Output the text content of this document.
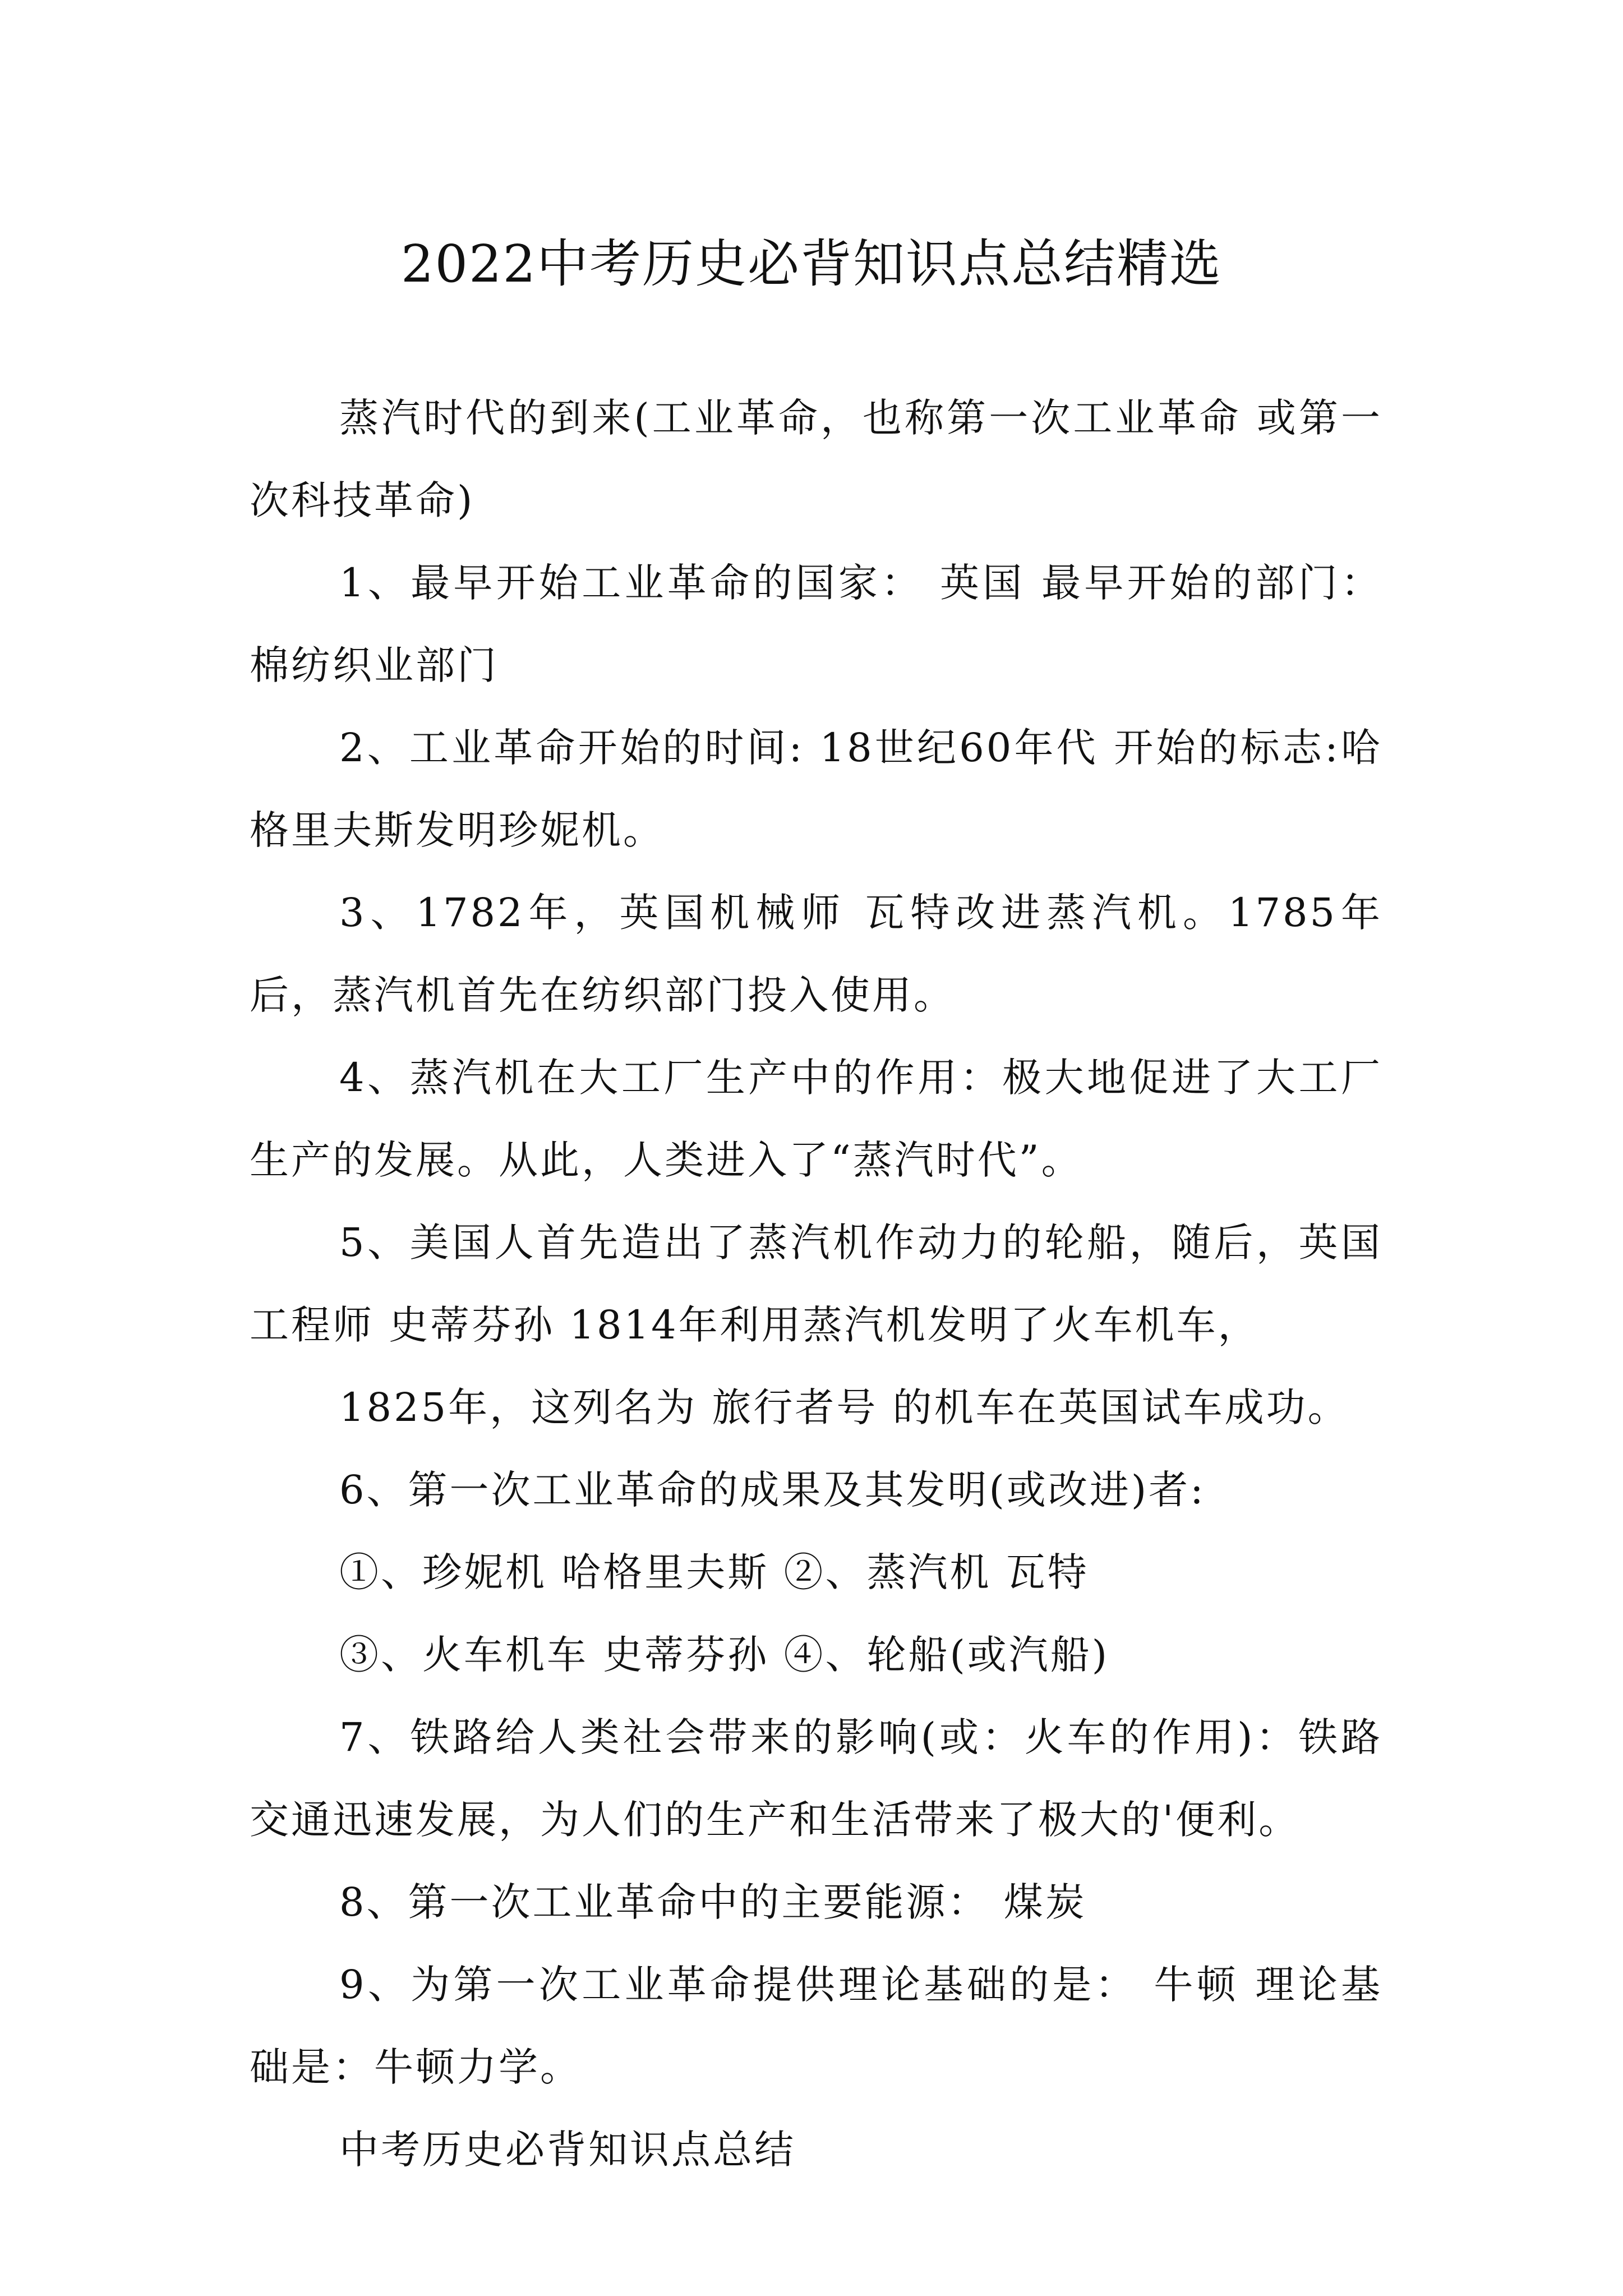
2022中考历史必背知识点总结精选

蒸汽时代的到来(工业革命，也称第一次工业革命 或第一次科技革命)

1、最早开始工业革命的国家： 英国 最早开始的部门：棉纺织业部门

2、工业革命开始的时间: 18世纪60年代 开始的标志:哈格里夫斯发明珍妮机。

3、1782年，英国机械师 瓦特改进蒸汽机。1785年后，蒸汽机首先在纺织部门投入使用。

4、蒸汽机在大工厂生产中的作用：极大地促进了大工厂生产的发展。从此，人类进入了“蒸汽时代”。

5、美国人首先造出了蒸汽机作动力的轮船，随后，英国工程师 史蒂芬孙 1814年利用蒸汽机发明了火车机车，

1825年，这列名为 旅行者号 的机车在英国试车成功。

6、第一次工业革命的成果及其发明(或改进)者:

①、珍妮机 哈格里夫斯 ②、蒸汽机 瓦特

③、火车机车 史蒂芬孙 ④、轮船(或汽船)

7、铁路给人类社会带来的影响(或：火车的作用)：铁路交通迅速发展，为人们的生产和生活带来了极大的'便利。

8、第一次工业革命中的主要能源： 煤炭

9、为第一次工业革命提供理论基础的是： 牛顿 理论基础是：牛顿力学。

中考历史必背知识点总结
